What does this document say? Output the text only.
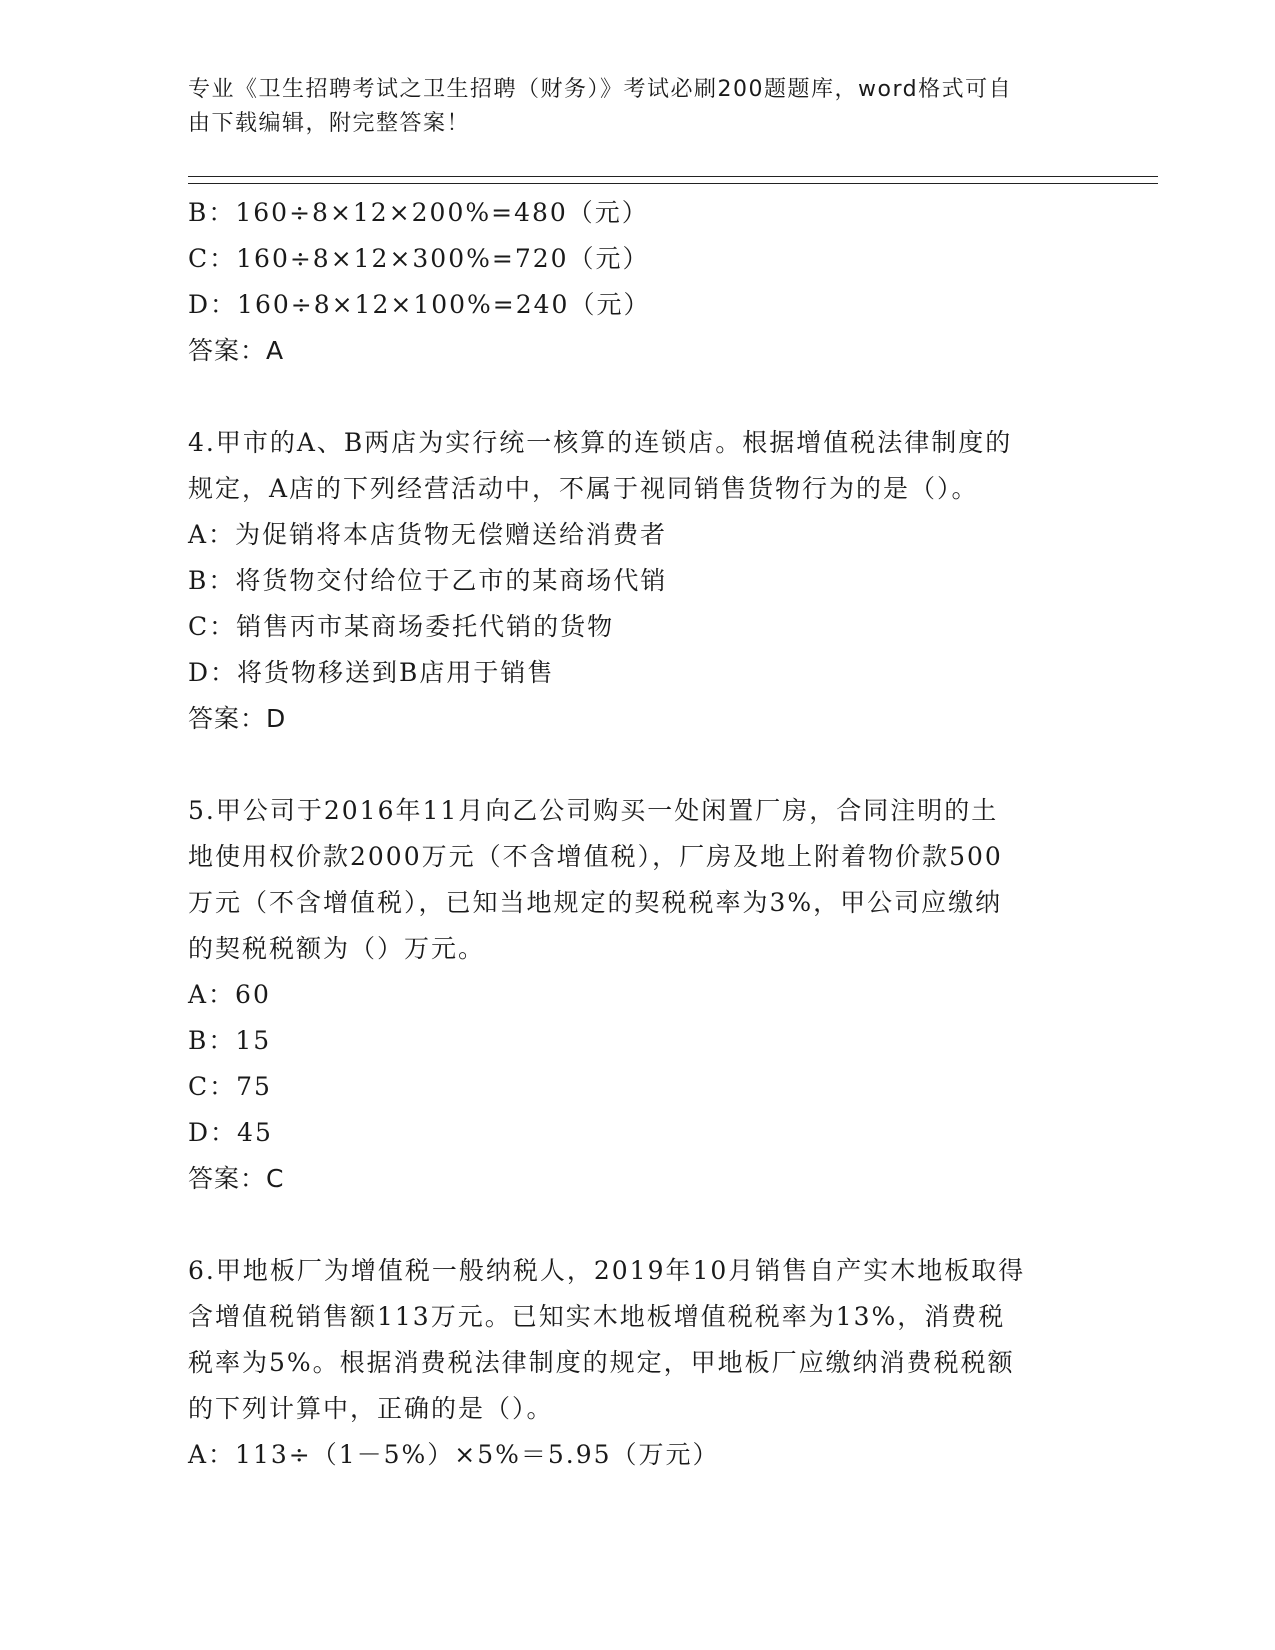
专业《卫生招聘考试之卫生招聘（财务）》考试必刷200题题库，word格式可自
由下载编辑，附完整答案！
B：160÷8×12×200%=480（元）
C：160÷8×12×300%=720（元）
D：160÷8×12×100%=240（元）
答案：A
4.甲市的A、B两店为实行统一核算的连锁店。根据增值税法律制度的
规定，A店的下列经营活动中，不属于视同销售货物行为的是（）。
A：为促销将本店货物无偿赠送给消费者
B：将货物交付给位于乙市的某商场代销
C：销售丙市某商场委托代销的货物
D：将货物移送到B店用于销售
答案：D
5.甲公司于2016年11月向乙公司购买一处闲置厂房，合同注明的土
地使用权价款2000万元（不含增值税），厂房及地上附着物价款500
万元（不含增值税），已知当地规定的契税税率为3%，甲公司应缴纳
的契税税额为（）万元。
A：60
B：15
C：75
D：45
答案：C
6.甲地板厂为增值税一般纳税人，2019年10月销售自产实木地板取得
含增值税销售额113万元。已知实木地板增值税税率为13%，消费税
税率为5%。根据消费税法律制度的规定，甲地板厂应缴纳消费税税额
的下列计算中，正确的是（）。
A：113÷（1－5%）×5%＝5.95（万元）
